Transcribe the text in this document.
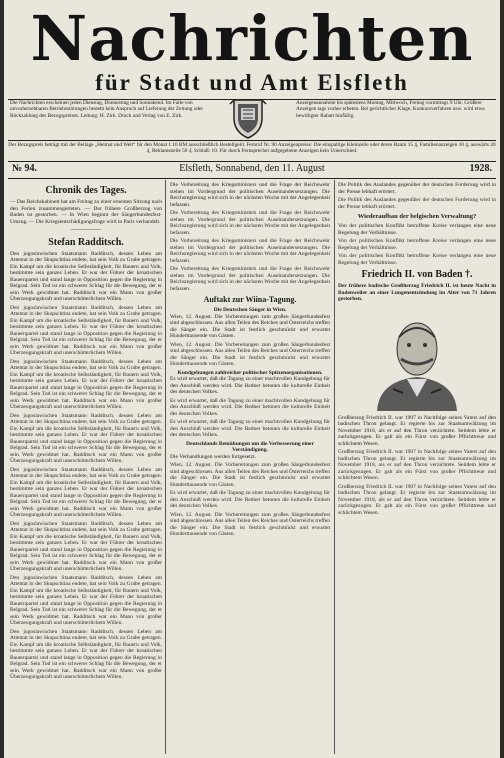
Nachrichten
für Stadt und Amt Elsfleth
Die Nachrichten erscheinen jeden Dienstag, Donnerstag und Sonnabend. Im Falle von unvorhersehbaren Betriebsstörungen besteht kein Anspruch auf Lieferung der Zeitung oder Rückzahlung des Bezugspreises. Leitung: H. Zirk. Druck und Verlag von E. Zirk.
Anzeigenannahme bis spätestens Montag, Mittwoch, Freitag vormittags 9 Uhr. Größere Anzeigen tags vorher erbeten. Bei gerichtlicher Klage, Konkursverfahren usw. wird etwa bewilligter Rabatt hinfällig.
Der Bezugspreis beträgt mit der Beilage „Heimat und Welt“ für den Monat 1.10 RM ausschließlich Bestellgeld. Fernruf Nr. 90 Anzeigenpreise: Die einspaltige Kleinzeile oder deren Raum 15 ₰, Familienanzeigen 10 ₰, auswärts 20 ₰, Reklamezeile 50 ₰. Schluß: 10. Für durch Fernsprecher aufgegebene Anzeigen kein Unterschied.
№ 94.	Elsfleth, Sonnabend, den 11. August	1928.
Chronik des Tages.

— Das Reichskabinett hat am Freitag zu einer erneuten Sitzung nach den Ferien zusammengetreten. — Der frühere Großherzog von Baden ist gestorben. — In Wien beginnt der Sängerbundesfest-Umzug. — Die Kriegsentschädigungsfrage wird in Paris verhandelt.

—————
Stefan Radditsch.

Den jugoslawischen Staatsmann Radditsch, dessen Leben am Attentat in der Skupschtina endete, hat sein Volk zu Grabe getragen. Ein Kampf um die kroatische Selbständigkeit, für Bauern und Volk, bestimmte sein ganzes Leben. Er war der Führer der kroatischen Bauernpartei und stand lange in Opposition gegen die Regierung in Belgrad. Sein Tod ist ein schwerer Schlag für die Bewegung, der er sein Werk gewidmet hat. Radditsch war ein Mann von großer Überzeugungskraft und unerschütterlichem Willen.

Den jugoslawischen Staatsmann Radditsch, dessen Leben am Attentat in der Skupschtina endete, hat sein Volk zu Grabe getragen. Ein Kampf um die kroatische Selbständigkeit, für Bauern und Volk, bestimmte sein ganzes Leben. Er war der Führer der kroatischen Bauernpartei und stand lange in Opposition gegen die Regierung in Belgrad. Sein Tod ist ein schwerer Schlag für die Bewegung, der er sein Werk gewidmet hat. Radditsch war ein Mann von großer Überzeugungskraft und unerschütterlichem Willen.

Den jugoslawischen Staatsmann Radditsch, dessen Leben am Attentat in der Skupschtina endete, hat sein Volk zu Grabe getragen. Ein Kampf um die kroatische Selbständigkeit, für Bauern und Volk, bestimmte sein ganzes Leben. Er war der Führer der kroatischen Bauernpartei und stand lange in Opposition gegen die Regierung in Belgrad. Sein Tod ist ein schwerer Schlag für die Bewegung, der er sein Werk gewidmet hat. Radditsch war ein Mann von großer Überzeugungskraft und unerschütterlichem Willen.

Den jugoslawischen Staatsmann Radditsch, dessen Leben am Attentat in der Skupschtina endete, hat sein Volk zu Grabe getragen. Ein Kampf um die kroatische Selbständigkeit, für Bauern und Volk, bestimmte sein ganzes Leben. Er war der Führer der kroatischen Bauernpartei und stand lange in Opposition gegen die Regierung in Belgrad. Sein Tod ist ein schwerer Schlag für die Bewegung, der er sein Werk gewidmet hat. Radditsch war ein Mann von großer Überzeugungskraft und unerschütterlichem Willen.

Den jugoslawischen Staatsmann Radditsch, dessen Leben am Attentat in der Skupschtina endete, hat sein Volk zu Grabe getragen. Ein Kampf um die kroatische Selbständigkeit, für Bauern und Volk, bestimmte sein ganzes Leben. Er war der Führer der kroatischen Bauernpartei und stand lange in Opposition gegen die Regierung in Belgrad. Sein Tod ist ein schwerer Schlag für die Bewegung, der er sein Werk gewidmet hat. Radditsch war ein Mann von großer Überzeugungskraft und unerschütterlichem Willen.

Den jugoslawischen Staatsmann Radditsch, dessen Leben am Attentat in der Skupschtina endete, hat sein Volk zu Grabe getragen. Ein Kampf um die kroatische Selbständigkeit, für Bauern und Volk, bestimmte sein ganzes Leben. Er war der Führer der kroatischen Bauernpartei und stand lange in Opposition gegen die Regierung in Belgrad. Sein Tod ist ein schwerer Schlag für die Bewegung, der er sein Werk gewidmet hat. Radditsch war ein Mann von großer Überzeugungskraft und unerschütterlichem Willen.

Den jugoslawischen Staatsmann Radditsch, dessen Leben am Attentat in der Skupschtina endete, hat sein Volk zu Grabe getragen. Ein Kampf um die kroatische Selbständigkeit, für Bauern und Volk, bestimmte sein ganzes Leben. Er war der Führer der kroatischen Bauernpartei und stand lange in Opposition gegen die Regierung in Belgrad. Sein Tod ist ein schwerer Schlag für die Bewegung, der er sein Werk gewidmet hat. Radditsch war ein Mann von großer Überzeugungskraft und unerschütterlichem Willen.

Den jugoslawischen Staatsmann Radditsch, dessen Leben am Attentat in der Skupschtina endete, hat sein Volk zu Grabe getragen. Ein Kampf um die kroatische Selbständigkeit, für Bauern und Volk, bestimmte sein ganzes Leben. Er war der Führer der kroatischen Bauernpartei und stand lange in Opposition gegen die Regierung in Belgrad. Sein Tod ist ein schwerer Schlag für die Bewegung, der er sein Werk gewidmet hat. Radditsch war ein Mann von großer Überzeugungskraft und unerschütterlichem Willen.

Die Vorbereitung des Kriegsministers und die Frage der Reichswehr stehen im Vordergrund der politischen Auseinandersetzungen. Die Reichsregierung wird sich in der nächsten Woche mit der Angelegenheit befassen.

Die Vorbereitung des Kriegsministers und die Frage der Reichswehr stehen im Vordergrund der politischen Auseinandersetzungen. Die Reichsregierung wird sich in der nächsten Woche mit der Angelegenheit befassen.

Die Vorbereitung des Kriegsministers und die Frage der Reichswehr stehen im Vordergrund der politischen Auseinandersetzungen. Die Reichsregierung wird sich in der nächsten Woche mit der Angelegenheit befassen.

Die Vorbereitung des Kriegsministers und die Frage der Reichswehr stehen im Vordergrund der politischen Auseinandersetzungen. Die Reichsregierung wird sich in der nächsten Woche mit der Angelegenheit befassen.

Auftakt zur Wiina-Tagung.
Die Deutschen Sänger in Wien.

Wien, 12. August. Die Vorbereitungen zum großen Sängerbundesfest sind abgeschlossen. Aus allen Teilen des Reiches und Österreichs treffen die Sänger ein. Die Stadt ist festlich geschmückt und erwartet Hunderttausende von Gästen.

Wien, 12. August. Die Vorbereitungen zum großen Sängerbundesfest sind abgeschlossen. Aus allen Teilen des Reiches und Österreichs treffen die Sänger ein. Die Stadt ist festlich geschmückt und erwartet Hunderttausende von Gästen.

Kundgebungen zahlreicher politischer Spitzenorganisationen.

Es wird erwartet, daß die Tagung zu einer machtvollen Kundgebung für den Anschluß werden wird. Die Redner betonen die kulturelle Einheit des deutschen Volkes.

Es wird erwartet, daß die Tagung zu einer machtvollen Kundgebung für den Anschluß werden wird. Die Redner betonen die kulturelle Einheit des deutschen Volkes.

Es wird erwartet, daß die Tagung zu einer machtvollen Kundgebung für den Anschluß werden wird. Die Redner betonen die kulturelle Einheit des deutschen Volkes.

Deutschlands Bemühungen um die Verbesserung einer Verständigung.

Die Verhandlungen werden fortgesetzt.

Wien, 12. August. Die Vorbereitungen zum großen Sängerbundesfest sind abgeschlossen. Aus allen Teilen des Reiches und Österreichs treffen die Sänger ein. Die Stadt ist festlich geschmückt und erwartet Hunderttausende von Gästen.

Es wird erwartet, daß die Tagung zu einer machtvollen Kundgebung für den Anschluß werden wird. Die Redner betonen die kulturelle Einheit des deutschen Volkes.

Wien, 12. August. Die Vorbereitungen zum großen Sängerbundesfest sind abgeschlossen. Aus allen Teilen des Reiches und Österreichs treffen die Sänger ein. Die Stadt ist festlich geschmückt und erwartet Hunderttausende von Gästen.

Die Politik des Auslandes gegenüber der deutschen Forderung wird in der Presse lebhaft erörtert.

Die Politik des Auslandes gegenüber der deutschen Forderung wird in der Presse lebhaft erörtert.

Wiederaufbau der belgischen Verwaltung?

Von der politischen Konflikt betroffene Kreise verlangen eine neue Regelung der Verhältnisse.

Von der politischen Konflikt betroffene Kreise verlangen eine neue Regelung der Verhältnisse.

Von der politischen Konflikt betroffene Kreise verlangen eine neue Regelung der Verhältnisse.

Friedrich II. von Baden †.

Der frühere badische Großherzog Friedrich II. ist heute Nacht in Badenweiler an einer Lungenentzündung im Alter von 71 Jahren gestorben.

Großherzog Friedrich II. war 1907 in Nachfolge seines Vaters auf den badischen Thron gelangt. Er regierte bis zur Staatsumwälzung im November 1918, als er auf den Thron verzichtete. Seitdem lebte er zurückgezogen. Er galt als ein Fürst von großer Pflichttreue und schlichtem Wesen.

Großherzog Friedrich II. war 1907 in Nachfolge seines Vaters auf den badischen Thron gelangt. Er regierte bis zur Staatsumwälzung im November 1918, als er auf den Thron verzichtete. Seitdem lebte er zurückgezogen. Er galt als ein Fürst von großer Pflichttreue und schlichtem Wesen.

Großherzog Friedrich II. war 1907 in Nachfolge seines Vaters auf den badischen Thron gelangt. Er regierte bis zur Staatsumwälzung im November 1918, als er auf den Thron verzichtete. Seitdem lebte er zurückgezogen. Er galt als ein Fürst von großer Pflichttreue und schlichtem Wesen.
